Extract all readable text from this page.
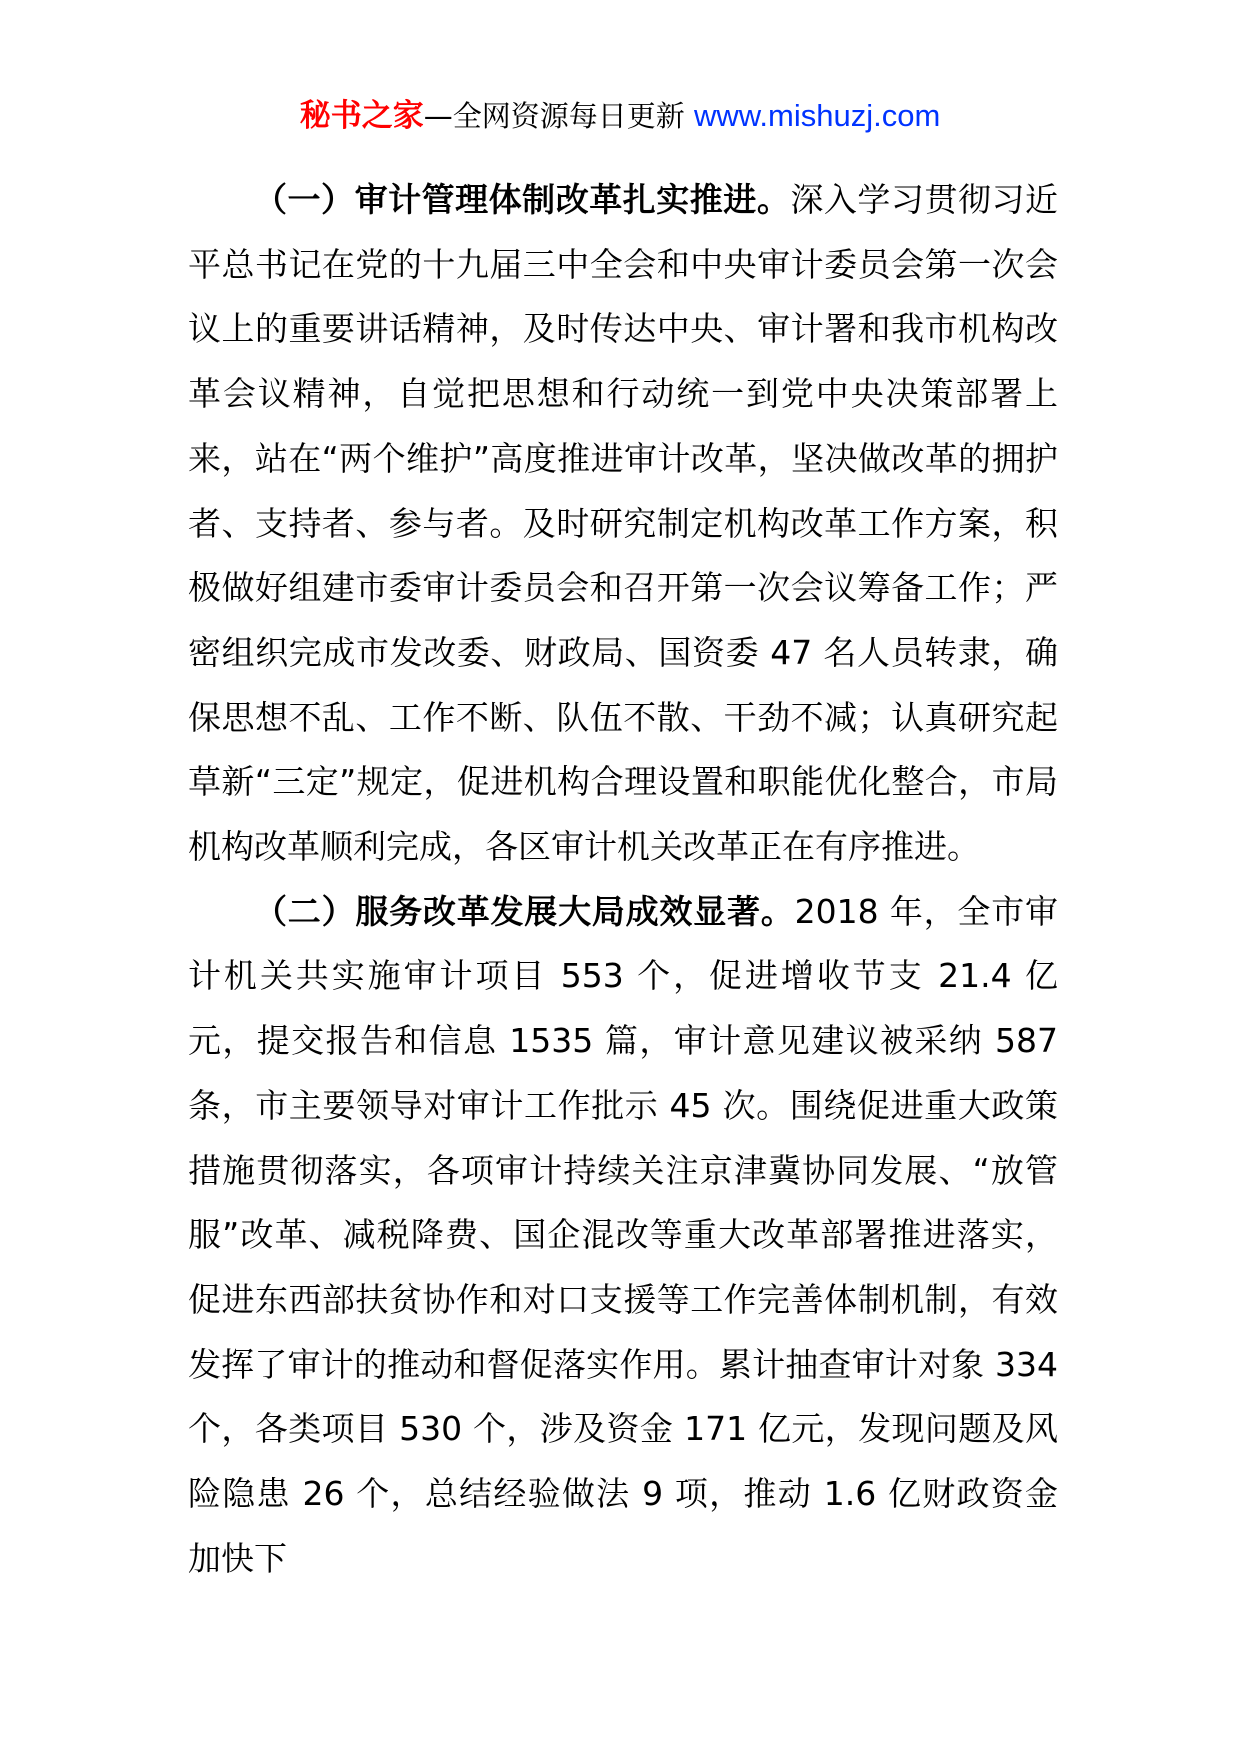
秘书之家—全网资源每日更新 www.mishuzj.com

（一）审计管理体制改革扎实推进。深入学习贯彻习近平总书记在党的十九届三中全会和中央审计委员会第一次会议上的重要讲话精神，及时传达中央、审计署和我市机构改革会议精神，自觉把思想和行动统一到党中央决策部署上来，站在“两个维护”高度推进审计改革，坚决做改革的拥护者、支持者、参与者。及时研究制定机构改革工作方案，积极做好组建市委审计委员会和召开第一次会议筹备工作；严密组织完成市发改委、财政局、国资委 47 名人员转隶，确保思想不乱、工作不断、队伍不散、干劲不减；认真研究起草新“三定”规定，促进机构合理设置和职能优化整合，市局机构改革顺利完成，各区审计机关改革正在有序推进。

（二）服务改革发展大局成效显著。2018 年，全市审计机关共实施审计项目 553 个，促进增收节支 21.4 亿元，提交报告和信息 1535 篇，审计意见建议被采纳 587 条，市主要领导对审计工作批示 45 次。围绕促进重大政策措施贯彻落实，各项审计持续关注京津冀协同发展、“放管服”改革、减税降费、国企混改等重大改革部署推进落实，促进东西部扶贫协作和对口支援等工作完善体制机制，有效发挥了审计的推动和督促落实作用。累计抽查审计对象 334 个，各类项目 530 个，涉及资金 171 亿元，发现问题及风险隐患 26 个，总结经验做法 9 项，推动 1.6 亿财政资金加快下
